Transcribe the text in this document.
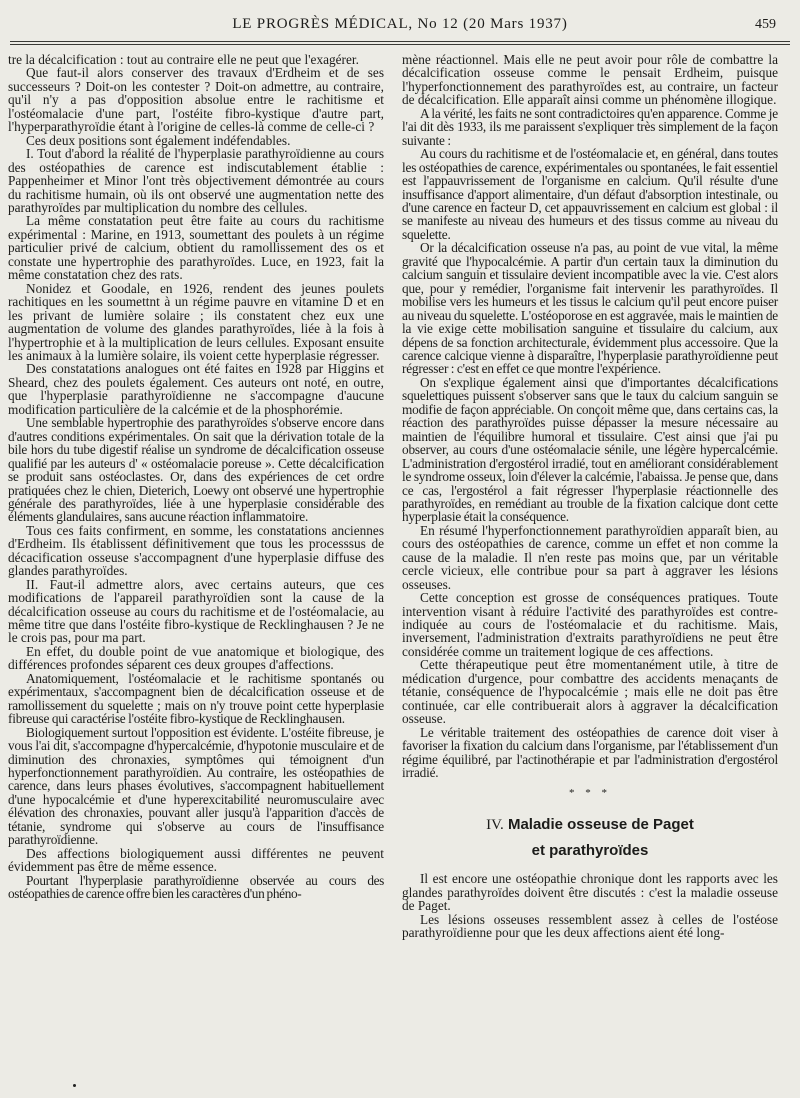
LE PROGRÈS MÉDICAL, No 12 (20 Mars 1937)	459

tre la décalcification : tout au contraire elle ne peut que l'exagérer.

Que faut-il alors conserver des travaux d'Erdheim et de ses successeurs ? Doit-on les contester ? Doit-on admettre, au contraire, qu'il n'y a pas d'opposition absolue entre le rachitisme et l'ostéomalacie d'une part, l'ostéite fibro-kystique d'autre part, l'hyperparathyroïdie étant à l'origine de celles-là comme de celle-ci ?

Ces deux positions sont également indéfendables.

I. Tout d'abord la réalité de l'hyperplasie parathyroïdienne au cours des ostéopathies de carence est indiscutablement établie : Pappenheimer et Minor l'ont très objectivement démontrée au cours du rachitisme humain, où ils ont observé une augmentation nette des parathyroïdes par multiplication du nombre des cellules.

La même constatation peut être faite au cours du rachitisme expérimental : Marine, en 1913, soumettant des poulets à un régime particulier privé de calcium, obtient du ramollissement des os et constate une hypertrophie des parathyroïdes. Luce, en 1923, fait la même constatation chez des rats.

Nonidez et Goodale, en 1926, rendent des jeunes poulets rachitiques en les soumettnt à un régime pauvre en vitamine D et en les privant de lumière solaire ; ils constatent chez eux une augmentation de volume des glandes parathyroïdes, liée à la fois à l'hypertrophie et à la multiplication de leurs cellules. Exposant ensuite les animaux à la lumière solaire, ils voient cette hyperplasie régresser.

Des constatations analogues ont été faites en 1928 par Higgins et Sheard, chez des poulets également. Ces auteurs ont noté, en outre, que l'hyperplasie parathyroïdienne ne s'accompagne d'aucune modification particulière de la calcémie et de la phosphorémie.

Une semblable hypertrophie des parathyroïdes s'observe encore dans d'autres conditions expérimentales. On sait que la dérivation totale de la bile hors du tube digestif réalise un syndrome de décalcification osseuse qualifié par les auteurs d' « ostéomalacie poreuse ». Cette décalcification se produit sans ostéoclastes. Or, dans des expériences de cet ordre pratiquées chez le chien, Dieterich, Loewy ont observé une hypertrophie générale des parathyroïdes, liée à une hyperplasie considérable des éléments glandulaires, sans aucune réaction inflammatoire.

Tous ces faits confirment, en somme, les constatations anciennes d'Erdheim. Ils établissent définitivement que tous les processsus de décacification osseuse s'accompagnent d'une hyperplasie diffuse des glandes parathyroïdes.

II. Faut-il admettre alors, avec certains auteurs, que ces modifications de l'appareil parathyroïdien sont la cause de la décalcification osseuse au cours du rachitisme et de l'ostéomalacie, au même titre que dans l'ostéite fibro-kystique de Recklinghausen ? Je ne le crois pas, pour ma part.

En effet, du double point de vue anatomique et biologique, des différences profondes séparent ces deux groupes d'affections.

Anatomiquement, l'ostéomalacie et le rachitisme spontanés ou expérimentaux, s'accompagnent bien de décalcification osseuse et de ramollissement du squelette ; mais on n'y trouve point cette hyperplasie fibreuse qui caractérise l'ostéite fibro-kystique de Recklinghausen.

Biologiquement surtout l'opposition est évidente. L'ostéite fibreuse, je vous l'ai dit, s'accompagne d'hypercalcémie, d'hypotonie musculaire et de diminution des chronaxies, symptômes qui témoignent d'un hyperfonctionnement parathyroïdien. Au contraire, les ostéopathies de carence, dans leurs phases évolutives, s'accompagnent habituellement d'une hypocalcémie et d'une hyperexcitabilité neuromusculaire avec élévation des chronaxies, pouvant aller jusqu'à l'apparition d'accès de tétanie, syndrome qui s'observe au cours de l'insuffisance parathyroïdienne.

Des affections biologiquement aussi différentes ne peuvent évidemment pas être de même essence.

Pourtant l'hyperplasie parathyroïdienne observée au cours des ostéopathies de carence offre bien les caractères d'un phéno-

mène réactionnel. Mais elle ne peut avoir pour rôle de combattre la décalcification osseuse comme le pensait Erdheim, puisque l'hyperfonctionnement des parathyroïdes est, au contraire, un facteur de décalcification. Elle apparaît ainsi comme un phénomène illogique.

A la vérité, les faits ne sont contradictoires qu'en apparence. Comme je l'ai dit dès 1933, ils me paraissent s'expliquer très simplement de la façon suivante :

Au cours du rachitisme et de l'ostéomalacie et, en général, dans toutes les ostéopathies de carence, expérimentales ou spontanées, le fait essentiel est l'appauvrissement de l'organisme en calcium. Qu'il résulte d'une insuffisance d'apport alimentaire, d'un défaut d'absorption intestinale, ou d'une carence en facteur D, cet appauvrissement en calcium est global : il se manifeste au niveau des humeurs et des tissus comme au niveau du squelette.

Or la décalcification osseuse n'a pas, au point de vue vital, la même gravité que l'hypocalcémie. A partir d'un certain taux la diminution du calcium sanguin et tissulaire devient incompatible avec la vie. C'est alors que, pour y remédier, l'organisme fait intervenir les parathyroïdes. Il mobilise vers les humeurs et les tissus le calcium qu'il peut encore puiser au niveau du squelette. L'ostéoporose en est aggravée, mais le maintien de la vie exige cette mobilisation sanguine et tissulaire du calcium, aux dépens de sa fonction architecturale, évidemment plus accessoire. Que la carence calcique vienne à disparaître, l'hyperplasie parathyroïdienne peut régresser : c'est en effet ce que montre l'expérience.

On s'explique également ainsi que d'importantes décalcifications squelettiques puissent s'observer sans que le taux du calcium sanguin se modifie de façon appréciable. On conçoit même que, dans certains cas, la réaction des parathyroïdes puisse dépasser la mesure nécessaire au maintien de l'équilibre humoral et tissulaire. C'est ainsi que j'ai pu observer, au cours d'une ostéomalacie sénile, une légère hypercalcémie. L'administration d'ergostérol irradié, tout en améliorant considérablement le syndrome osseux, loin d'élever la calcémie, l'abaissa. Je pense que, dans ce cas, l'ergostérol a fait régresser l'hyperplasie réactionnelle des parathyroïdes, en remédiant au trouble de la fixation calcique dont cette hyperplasie était la conséquence.

En résumé l'hyperfonctionnement parathyroïdien apparaît bien, au cours des ostéopathies de carence, comme un effet et non comme la cause de la maladie. Il n'en reste pas moins que, par un véritable cercle vicieux, elle contribue pour sa part à aggraver les lésions osseuses.

Cette conception est grosse de conséquences pratiques. Toute intervention visant à réduire l'activité des parathyroïdes est contre-indiquée au cours de l'ostéomalacie et du rachitisme. Mais, inversement, l'administration d'extraits parathyroïdiens ne peut être considérée comme un traitement logique de ces affections.

Cette thérapeutique peut être momentanément utile, à titre de médication d'urgence, pour combattre des accidents menaçants de tétanie, conséquence de l'hypocalcémie ; mais elle ne doit pas être continuée, car elle contribuerait alors à aggraver la décalcification osseuse.

Le véritable traitement des ostéopathies de carence doit viser à favoriser la fixation du calcium dans l'organisme, par l'établissement d'un régime équilibré, par l'actinothérapie et par l'administration d'ergostérol irradié.

* * *
IV. Maladie osseuse de Paget
et parathyroïdes

Il est encore une ostéopathie chronique dont les rapports avec les glandes parathyroïdes doivent être discutés : c'est la maladie osseuse de Paget.

Les lésions osseuses ressemblent assez à celles de l'ostéose parathyroïdienne pour que les deux affections aient été long-
